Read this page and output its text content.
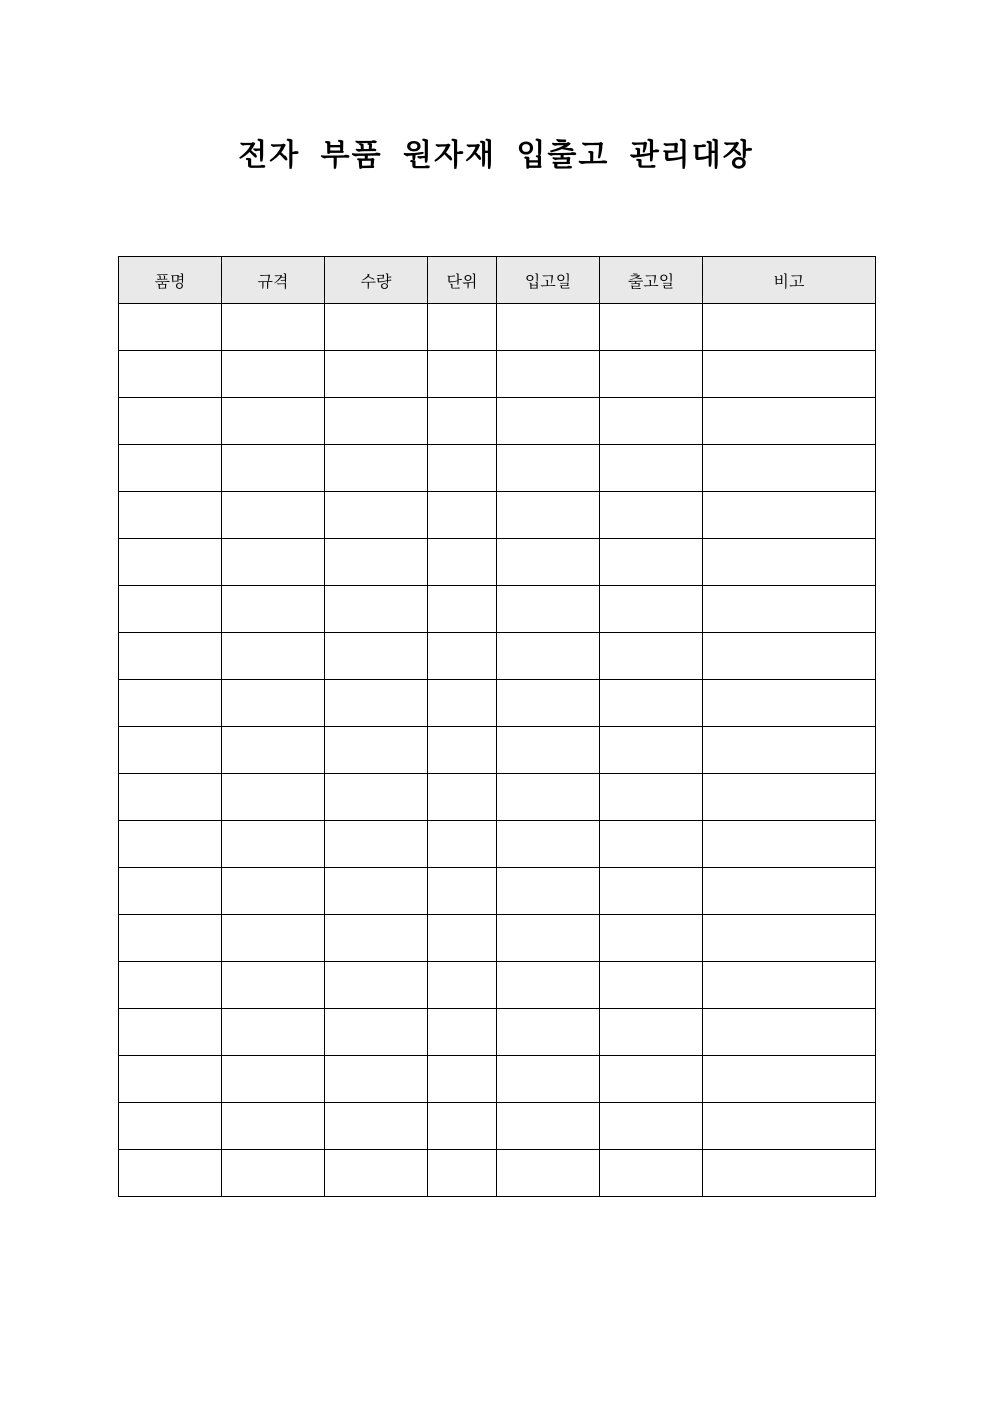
전자 부품 원자재 입출고 관리대장
품명	규격	수량	단위	입고일	출고일	비고
